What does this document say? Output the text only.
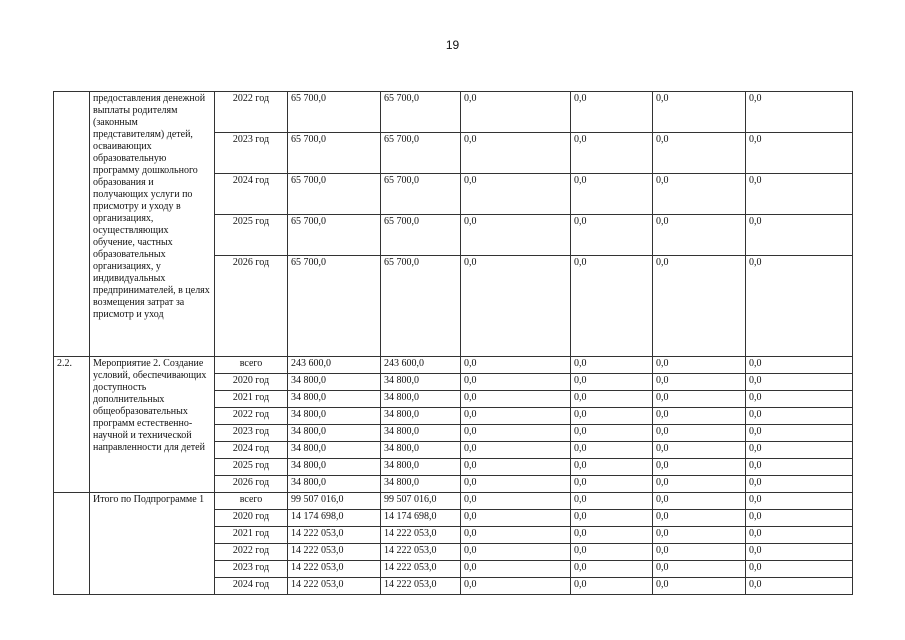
19
	предоставления денежной выплаты родителям (законным представителям) детей, осваивающих образовательную программу дошкольного образования и получающих услуги по присмотру и уходу в организациях, осуществляющих обучение, частных образовательных организациях, у индивидуальных предпринимателей, в целях возмещения затрат за присмотр и уход	2022 год	65 700,0	65 700,0	0,0	0,0	0,0	0,0
		2023 год	65 700,0	65 700,0	0,0	0,0	0,0	0,0
		2024 год	65 700,0	65 700,0	0,0	0,0	0,0	0,0
		2025 год	65 700,0	65 700,0	0,0	0,0	0,0	0,0
		2026 год	65 700,0	65 700,0	0,0	0,0	0,0	0,0
2.2.	Мероприятие 2. Создание условий, обеспечивающих доступность дополнительных общеобразовательных программ естественно-научной и технической направленности для детей	всего	243 600,0	243 600,0	0,0	0,0	0,0	0,0
		2020 год	34 800,0	34 800,0	0,0	0,0	0,0	0,0
		2021 год	34 800,0	34 800,0	0,0	0,0	0,0	0,0
		2022 год	34 800,0	34 800,0	0,0	0,0	0,0	0,0
		2023 год	34 800,0	34 800,0	0,0	0,0	0,0	0,0
		2024 год	34 800,0	34 800,0	0,0	0,0	0,0	0,0
		2025 год	34 800,0	34 800,0	0,0	0,0	0,0	0,0
		2026 год	34 800,0	34 800,0	0,0	0,0	0,0	0,0
	Итого по Подпрограмме 1	всего	99 507 016,0	99 507 016,0	0,0	0,0	0,0	0,0
		2020 год	14 174 698,0	14 174 698,0	0,0	0,0	0,0	0,0
		2021 год	14 222 053,0	14 222 053,0	0,0	0,0	0,0	0,0
		2022 год	14 222 053,0	14 222 053,0	0,0	0,0	0,0	0,0
		2023 год	14 222 053,0	14 222 053,0	0,0	0,0	0,0	0,0
		2024 год	14 222 053,0	14 222 053,0	0,0	0,0	0,0	0,0
